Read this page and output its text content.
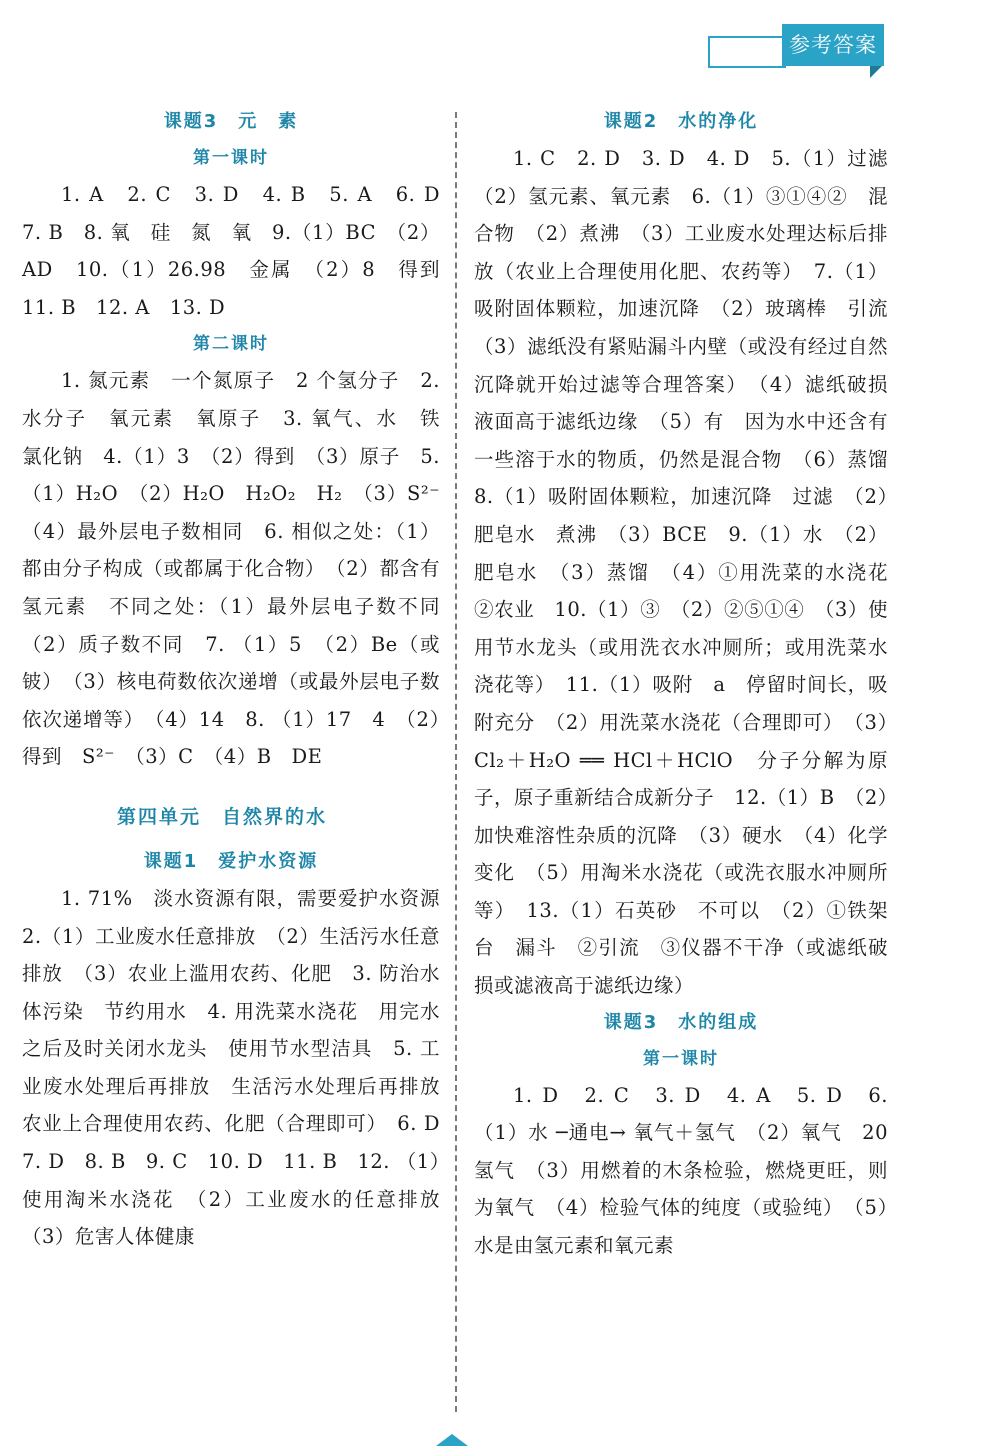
参考答案
课题3　元　素
第一课时

1. A　2. C　3. D　4. B　5. A　6. D　7. B　8. 氧　硅　氮　氧　9.（1）BC　（2）AD　10.（1）26.98　金属　（2）8　得到　11. B　12. A　13. D

第二课时

1. 氮元素　一个氮原子　2 个氢分子　2. 水分子　氧元素　氧原子　3. 氧气、水　铁　氯化钠　4.（1）3　（2）得到　（3）原子　5. （1）H₂O　（2）H₂O　H₂O₂　H₂　（3）S²⁻　（4）最外层电子数相同　6. 相似之处：（1）都由分子构成（或都属于化合物）　（2）都含有氢元素　不同之处：（1）最外层电子数不同　（2）质子数不同　7. （1）5　（2）Be（或铍）　（3）核电荷数依次递增（或最外层电子数依次递增等）　（4）14　8. （1）17　4　（2）得到　S²⁻　（3）C　（4）B　DE

第四单元　自然界的水
课题1　爱护水资源

1. 71%　淡水资源有限，需要爱护水资源　2.（1）工业废水任意排放　（2）生活污水任意排放　（3）农业上滥用农药、化肥　3. 防治水体污染　节约用水　4. 用洗菜水浇花　用完水之后及时关闭水龙头　使用节水型洁具　5. 工业废水处理后再排放　生活污水处理后再排放　农业上合理使用农药、化肥（合理即可）　6. D　7. D　8. B　9. C　10. D　11. B　12. （1）使用淘米水浇花　（2）工业废水的任意排放　（3）危害人体健康

课题2　水的净化

1. C　2. D　3. D　4. D　5.（1）过滤　（2）氢元素、氧元素　6.（1）③①④②　混合物　（2）煮沸　（3）工业废水处理达标后排放（农业上合理使用化肥、农药等）　7.（1）吸附固体颗粒，加速沉降　（2）玻璃棒　引流　（3）滤纸没有紧贴漏斗内壁（或没有经过自然沉降就开始过滤等合理答案）　（4）滤纸破损　液面高于滤纸边缘　（5）有　因为水中还含有一些溶于水的物质，仍然是混合物　（6）蒸馏　8.（1）吸附固体颗粒，加速沉降　过滤　（2）肥皂水　煮沸　（3）BCE　9.（1）水　（2）肥皂水　（3）蒸馏　（4）①用洗菜的水浇花　②农业　10.（1）③　（2）②⑤①④　（3）使用节水龙头（或用洗衣水冲厕所；或用洗菜水浇花等）　11.（1）吸附　a　停留时间长，吸附充分　（2）用洗菜水浇花（合理即可）　（3）Cl₂＋H₂O ══ HCl＋HClO　分子分解为原子，原子重新结合成新分子　12.（1）B　（2）加快难溶性杂质的沉降　（3）硬水　（4）化学变化　（5）用淘米水浇花（或洗衣服水冲厕所等）　13.（1）石英砂　不可以　（2）①铁架台　漏斗　②引流　③仪器不干净（或滤纸破损或滤液高于滤纸边缘）

课题3　水的组成
第一课时

1. D　2. C　3. D　4. A　5. D　6. （1）水 ─通电→ 氧气＋氢气　（2）氧气　20　氢气　（3）用燃着的木条检验，燃烧更旺，则为氧气　（4）检验气体的纯度（或验纯）　（5）水是由氢元素和氧元素
